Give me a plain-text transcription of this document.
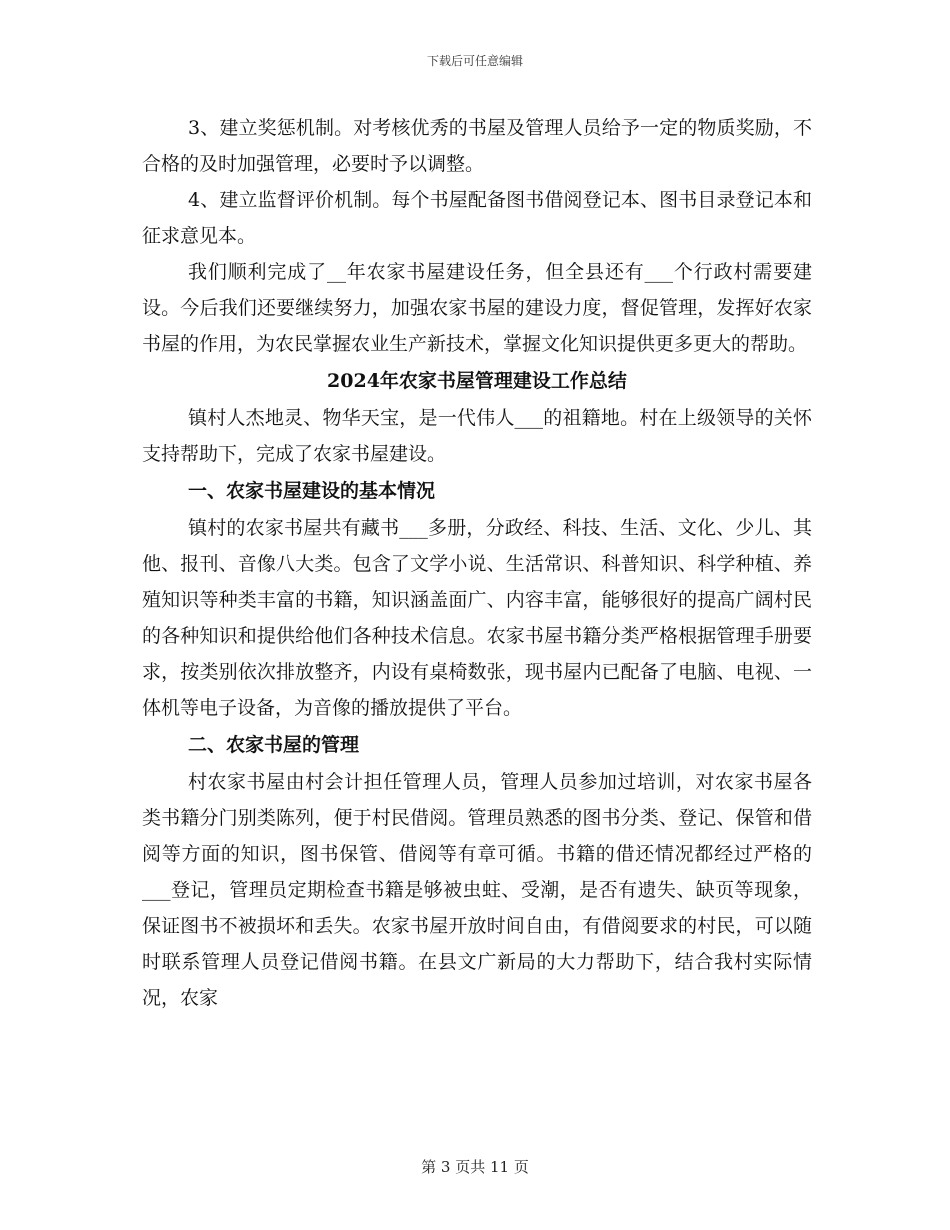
下载后可任意编辑

3、建立奖惩机制。对考核优秀的书屋及管理人员给予一定的物质奖励，不合格的及时加强管理，必要时予以调整。

4、建立监督评价机制。每个书屋配备图书借阅登记本、图书目录登记本和征求意见本。

我们顺利完成了__年农家书屋建设任务，但全县还有___个行政村需要建设。今后我们还要继续努力，加强农家书屋的建设力度，督促管理，发挥好农家书屋的作用，为农民掌握农业生产新技术，掌握文化知识提供更多更大的帮助。

2024年农家书屋管理建设工作总结

镇村人杰地灵、物华天宝，是一代伟人___的祖籍地。村在上级领导的关怀支持帮助下，完成了农家书屋建设。

一、农家书屋建设的基本情况

镇村的农家书屋共有藏书___多册，分政经、科技、生活、文化、少儿、其他、报刊、音像八大类。包含了文学小说、生活常识、科普知识、科学种植、养殖知识等种类丰富的书籍，知识涵盖面广、内容丰富，能够很好的提高广阔村民的各种知识和提供给他们各种技术信息。农家书屋书籍分类严格根据管理手册要求，按类别依次排放整齐，内设有桌椅数张，现书屋内已配备了电脑、电视、一体机等电子设备，为音像的播放提供了平台。

二、农家书屋的管理

村农家书屋由村会计担任管理人员，管理人员参加过培训，对农家书屋各类书籍分门别类陈列，便于村民借阅。管理员熟悉的图书分类、登记、保管和借阅等方面的知识，图书保管、借阅等有章可循。书籍的借还情况都经过严格的___登记，管理员定期检查书籍是够被虫蛀、受潮，是否有遗失、缺页等现象，保证图书不被损坏和丢失。农家书屋开放时间自由，有借阅要求的村民，可以随时联系管理人员登记借阅书籍。在县文广新局的大力帮助下，结合我村实际情况，农家

第 3 页共 11 页
